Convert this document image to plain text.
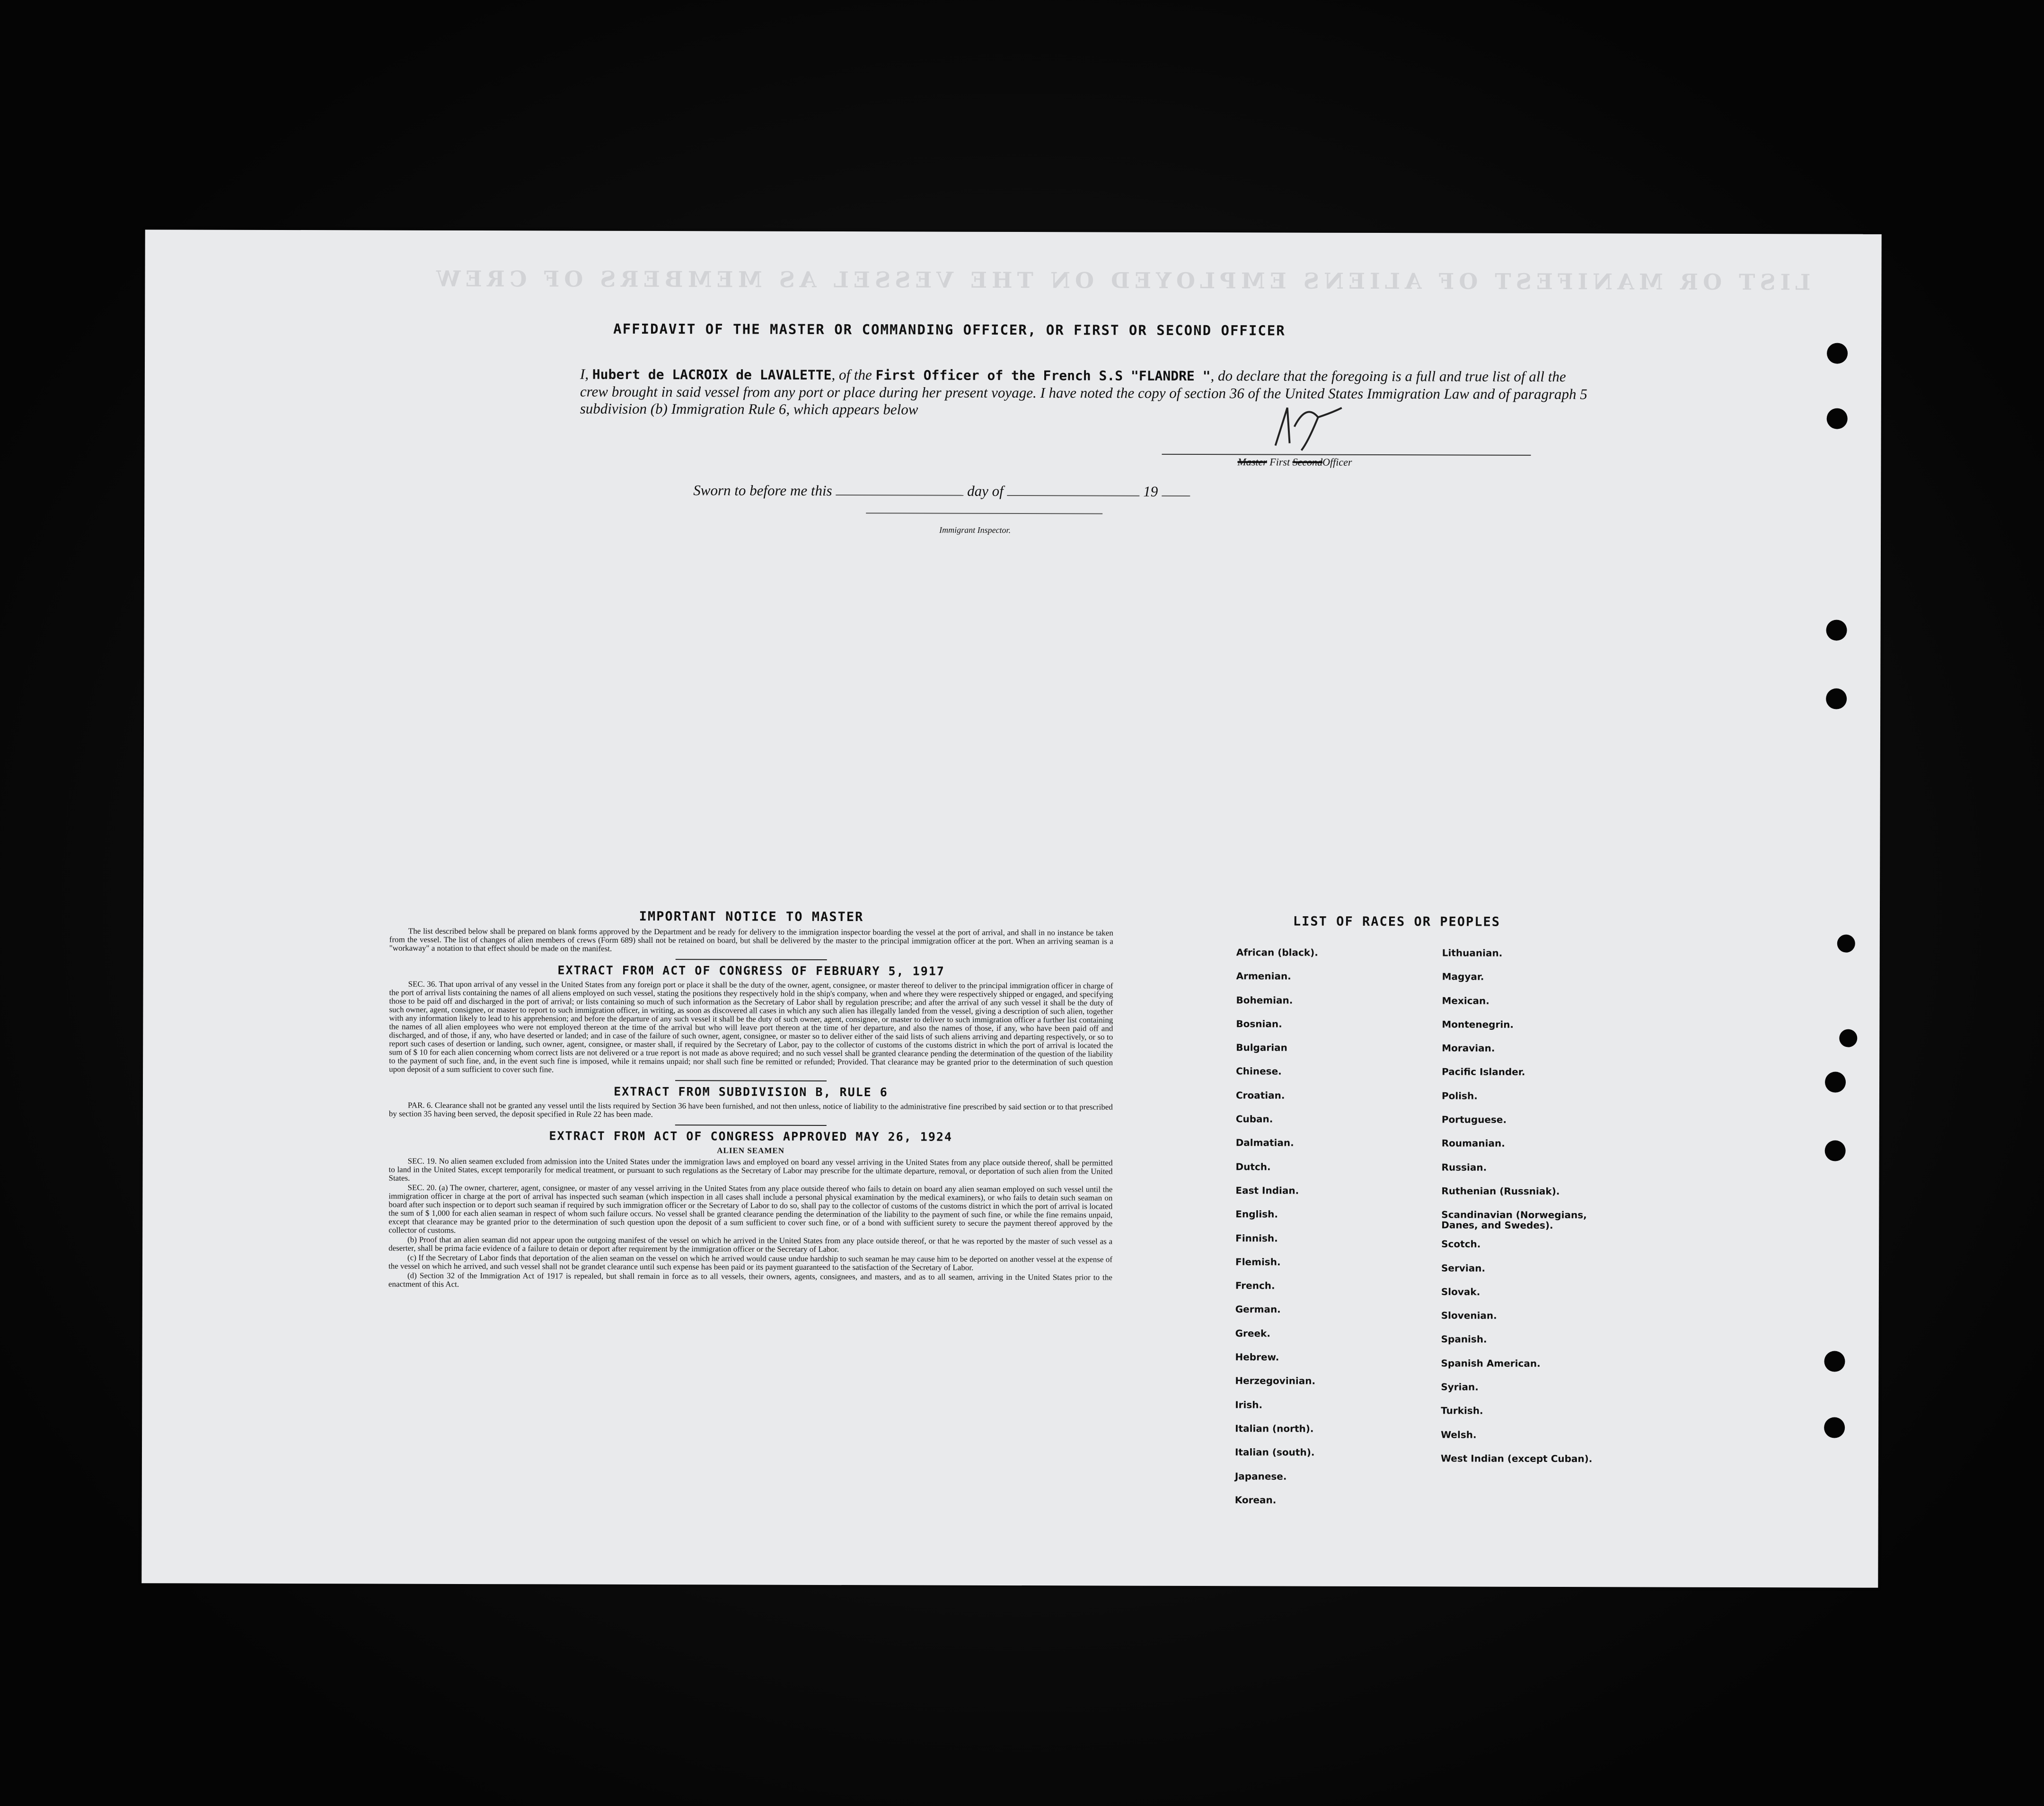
LIST OR MANIFEST OF ALIENS EMPLOYED ON THE VESSEL AS MEMBERS OF CREW
AFFIDAVIT OF THE MASTER OR COMMANDING OFFICER, OR FIRST OR SECOND OFFICER
I, Hubert de LACROIX de LAVALETTE, of the First Officer of the French S.S "FLANDRE ", do declare that the foregoing is a full and true list of all the crew brought in said vessel from any port or place during her present voyage. I have noted the copy of section 36 of the United States Immigration Law and of paragraph 5 subdivision (b) Immigration Rule 6, which appears below
Master First SecondOfficer
Sworn to before me this	day of	19
Immigrant Inspector.
IMPORTANT NOTICE TO MASTER

The list described below shall be prepared on blank forms approved by the Department and be ready for delivery to the immigration inspector boarding the vessel at the port of arrival, and shall in no instance be taken from the vessel. The list of changes of alien members of crews (Form 689) shall not be retained on board, but shall be delivered by the master to the principal immigration officer at the port. When an arriving seaman is a "workaway" a notation to that effect should be made on the manifest.

EXTRACT FROM ACT OF CONGRESS OF FEBRUARY 5, 1917

SEC. 36. That upon arrival of any vessel in the United States from any foreign port or place it shall be the duty of the owner, agent, consignee, or master thereof to deliver to the principal immigration officer in charge of the port of arrival lists containing the names of all aliens employed on such vessel, stating the positions they respectively hold in the ship's company, when and where they were respectively shipped or engaged, and specifying those to be paid off and discharged in the port of arrival; or lists containing so much of such information as the Secretary of Labor shall by regulation prescribe; and after the arrival of any such vessel it shall be the duty of such owner, agent, consignee, or master to report to such immigration officer, in writing, as soon as discovered all cases in which any such alien has illegally landed from the vessel, giving a description of such alien, together with any information likely to lead to his apprehension; and before the departure of any such vessel it shall be the duty of such owner, agent, consignee, or master to deliver to such immigration officer a further list containing the names of all alien employees who were not employed thereon at the time of the arrival but who will leave port thereon at the time of her departure, and also the names of those, if any, who have been paid off and discharged, and of those, if any, who have deserted or landed; and in case of the failure of such owner, agent, consignee, or master so to deliver either of the said lists of such aliens arriving and departing respectively, or so to report such cases of desertion or landing, such owner, agent, consignee, or master shall, if required by the Secretary of Labor, pay to the collector of customs of the customs district in which the port of arrival is located the sum of $ 10 for each alien concerning whom correct lists are not delivered or a true report is not made as above required; and no such vessel shall be granted clearance pending the determination of the question of the liability to the payment of such fine, and, in the event such fine is imposed, while it remains unpaid; nor shall such fine be remitted or refunded; Provided. That clearance may be granted prior to the determination of such question upon deposit of a sum sufficient to cover such fine.

EXTRACT FROM SUBDIVISION B, RULE 6

PAR. 6. Clearance shall not be granted any vessel until the lists required by Section 36 have been furnished, and not then unless, notice of liability to the administrative fine prescribed by said section or to that prescribed by section 35 having been served, the deposit specified in Rule 22 has been made.

EXTRACT FROM ACT OF CONGRESS APPROVED MAY 26, 1924
ALIEN SEAMEN

SEC. 19. No alien seamen excluded from admission into the United States under the immigration laws and employed on board any vessel arriving in the United States from any place outside thereof, shall be permitted to land in the United States, except temporarily for medical treatment, or pursuant to such regulations as the Secretary of Labor may prescribe for the ultimate departure, removal, or deportation of such alien from the United States.

SEC. 20. (a) The owner, charterer, agent, consignee, or master of any vessel arriving in the United States from any place outside thereof who fails to detain on board any alien seaman employed on such vessel until the immigration officer in charge at the port of arrival has inspected such seaman (which inspection in all cases shall include a personal physical examination by the medical examiners), or who fails to detain such seaman on board after such inspection or to deport such seaman if required by such immigration officer or the Secretary of Labor to do so, shall pay to the collector of customs of the customs district in which the port of arrival is located the sum of $ 1,000 for each alien seaman in respect of whom such failure occurs. No vessel shall be granted clearance pending the determination of the liability to the payment of such fine, or while the fine remains unpaid, except that clearance may be granted prior to the determination of such question upon the deposit of a sum sufficient to cover such fine, or of a bond with sufficient surety to secure the payment thereof approved by the collector of customs.

(b) Proof that an alien seaman did not appear upon the outgoing manifest of the vessel on which he arrived in the United States from any place outside thereof, or that he was reported by the master of such vessel as a deserter, shall be prima facie evidence of a failure to detain or deport after requirement by the immigration officer or the Secretary of Labor.

(c) If the Secretary of Labor finds that deportation of the alien seaman on the vessel on which he arrived would cause undue hardship to such seaman he may cause him to be deported on another vessel at the expense of the vessel on which he arrived, and such vessel shall not be grandet clearance until such expense has been paid or its payment guaranteed to the satisfaction of the Secretary of Labor.

(d) Section 32 of the Immigration Act of 1917 is repealed, but shall remain in force as to all vessels, their owners, agents, consignees, and masters, and as to all seamen, arriving in the United States prior to the enactment of this Act.

LIST OF RACES OR PEOPLES
African (black).
Armenian.
Bohemian.
Bosnian.
Bulgarian
Chinese.
Croatian.
Cuban.
Dalmatian.
Dutch.
East Indian.
English.
Finnish.
Flemish.
French.
German.
Greek.
Hebrew.
Herzegovinian.
Irish.
Italian (north).
Italian (south).
Japanese.
Korean.
Lithuanian.
Magyar.
Mexican.
Montenegrin.
Moravian.
Pacific Islander.
Polish.
Portuguese.
Roumanian.
Russian.
Ruthenian (Russniak).
Scandinavian (Norwegians, Danes, and Swedes).
Scotch.
Servian.
Slovak.
Slovenian.
Spanish.
Spanish American.
Syrian.
Turkish.
Welsh.
West Indian (except Cuban).
